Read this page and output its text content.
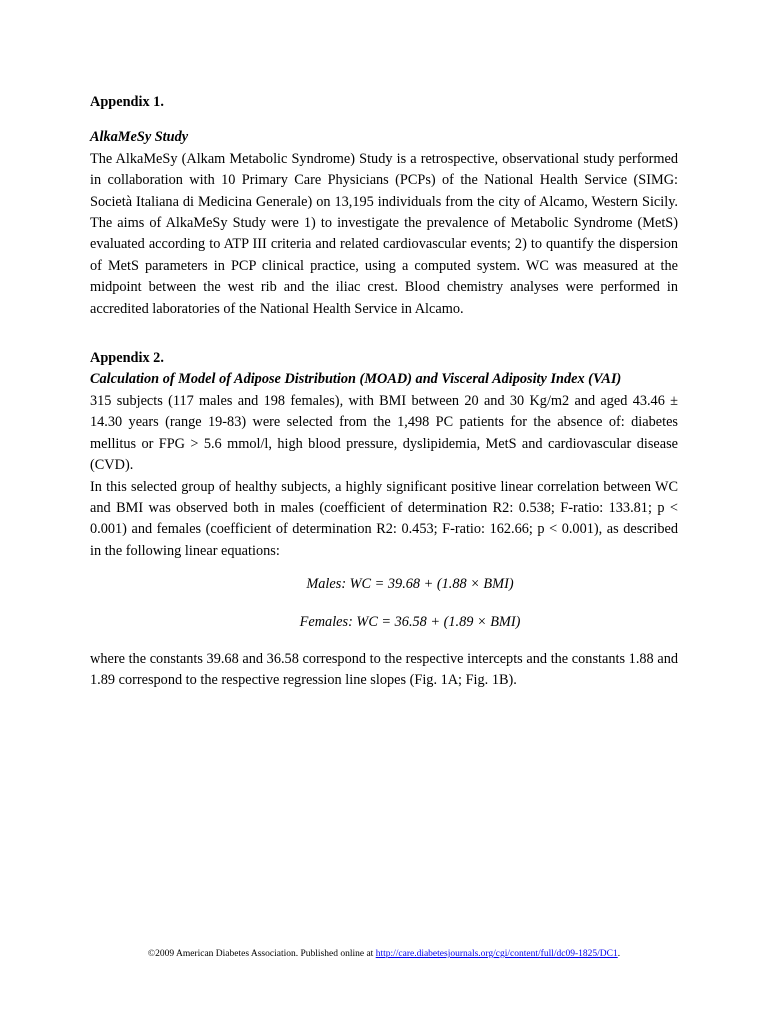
Appendix 1.

AlkaMeSy Study

The AlkaMeSy (Alkam Metabolic Syndrome) Study is a retrospective, observational study performed in collaboration with 10 Primary Care Physicians (PCPs) of the National Health Service (SIMG: Società Italiana di Medicina Generale) on 13,195 individuals from the city of Alcamo, Western Sicily. The aims of AlkaMeSy Study were 1) to investigate the prevalence of Metabolic Syndrome (MetS) evaluated according to ATP III criteria and related cardiovascular events; 2) to quantify the dispersion of MetS parameters in PCP clinical practice, using a computed system. WC was measured at the midpoint between the west rib and the iliac crest. Blood chemistry analyses were performed in accredited laboratories of the National Health Service in Alcamo.

Appendix 2.

Calculation of Model of Adipose Distribution (MOAD) and Visceral Adiposity Index (VAI)

315 subjects (117 males and 198 females), with BMI between 20 and 30 Kg/m2 and aged 43.46 ± 14.30 years (range 19-83) were selected from the 1,498 PC patients for the absence of: diabetes mellitus or FPG > 5.6 mmol/l, high blood pressure, dyslipidemia, MetS and cardiovascular disease (CVD).

In this selected group of healthy subjects, a highly significant positive linear correlation between WC and BMI was observed both in males (coefficient of determination R2: 0.538; F-ratio: 133.81; p < 0.001) and females (coefficient of determination R2: 0.453; F-ratio: 162.66; p < 0.001), as described in the following linear equations:

Males: WC = 39.68 + (1.88 × BMI)

Females: WC = 36.58 + (1.89 × BMI)

where the constants 39.68 and 36.58 correspond to the respective intercepts and the constants 1.88 and 1.89 correspond to the respective regression line slopes (Fig. 1A; Fig. 1B).

©2009 American Diabetes Association. Published online at http://care.diabetesjournals.org/cgi/content/full/dc09-1825/DC1.
